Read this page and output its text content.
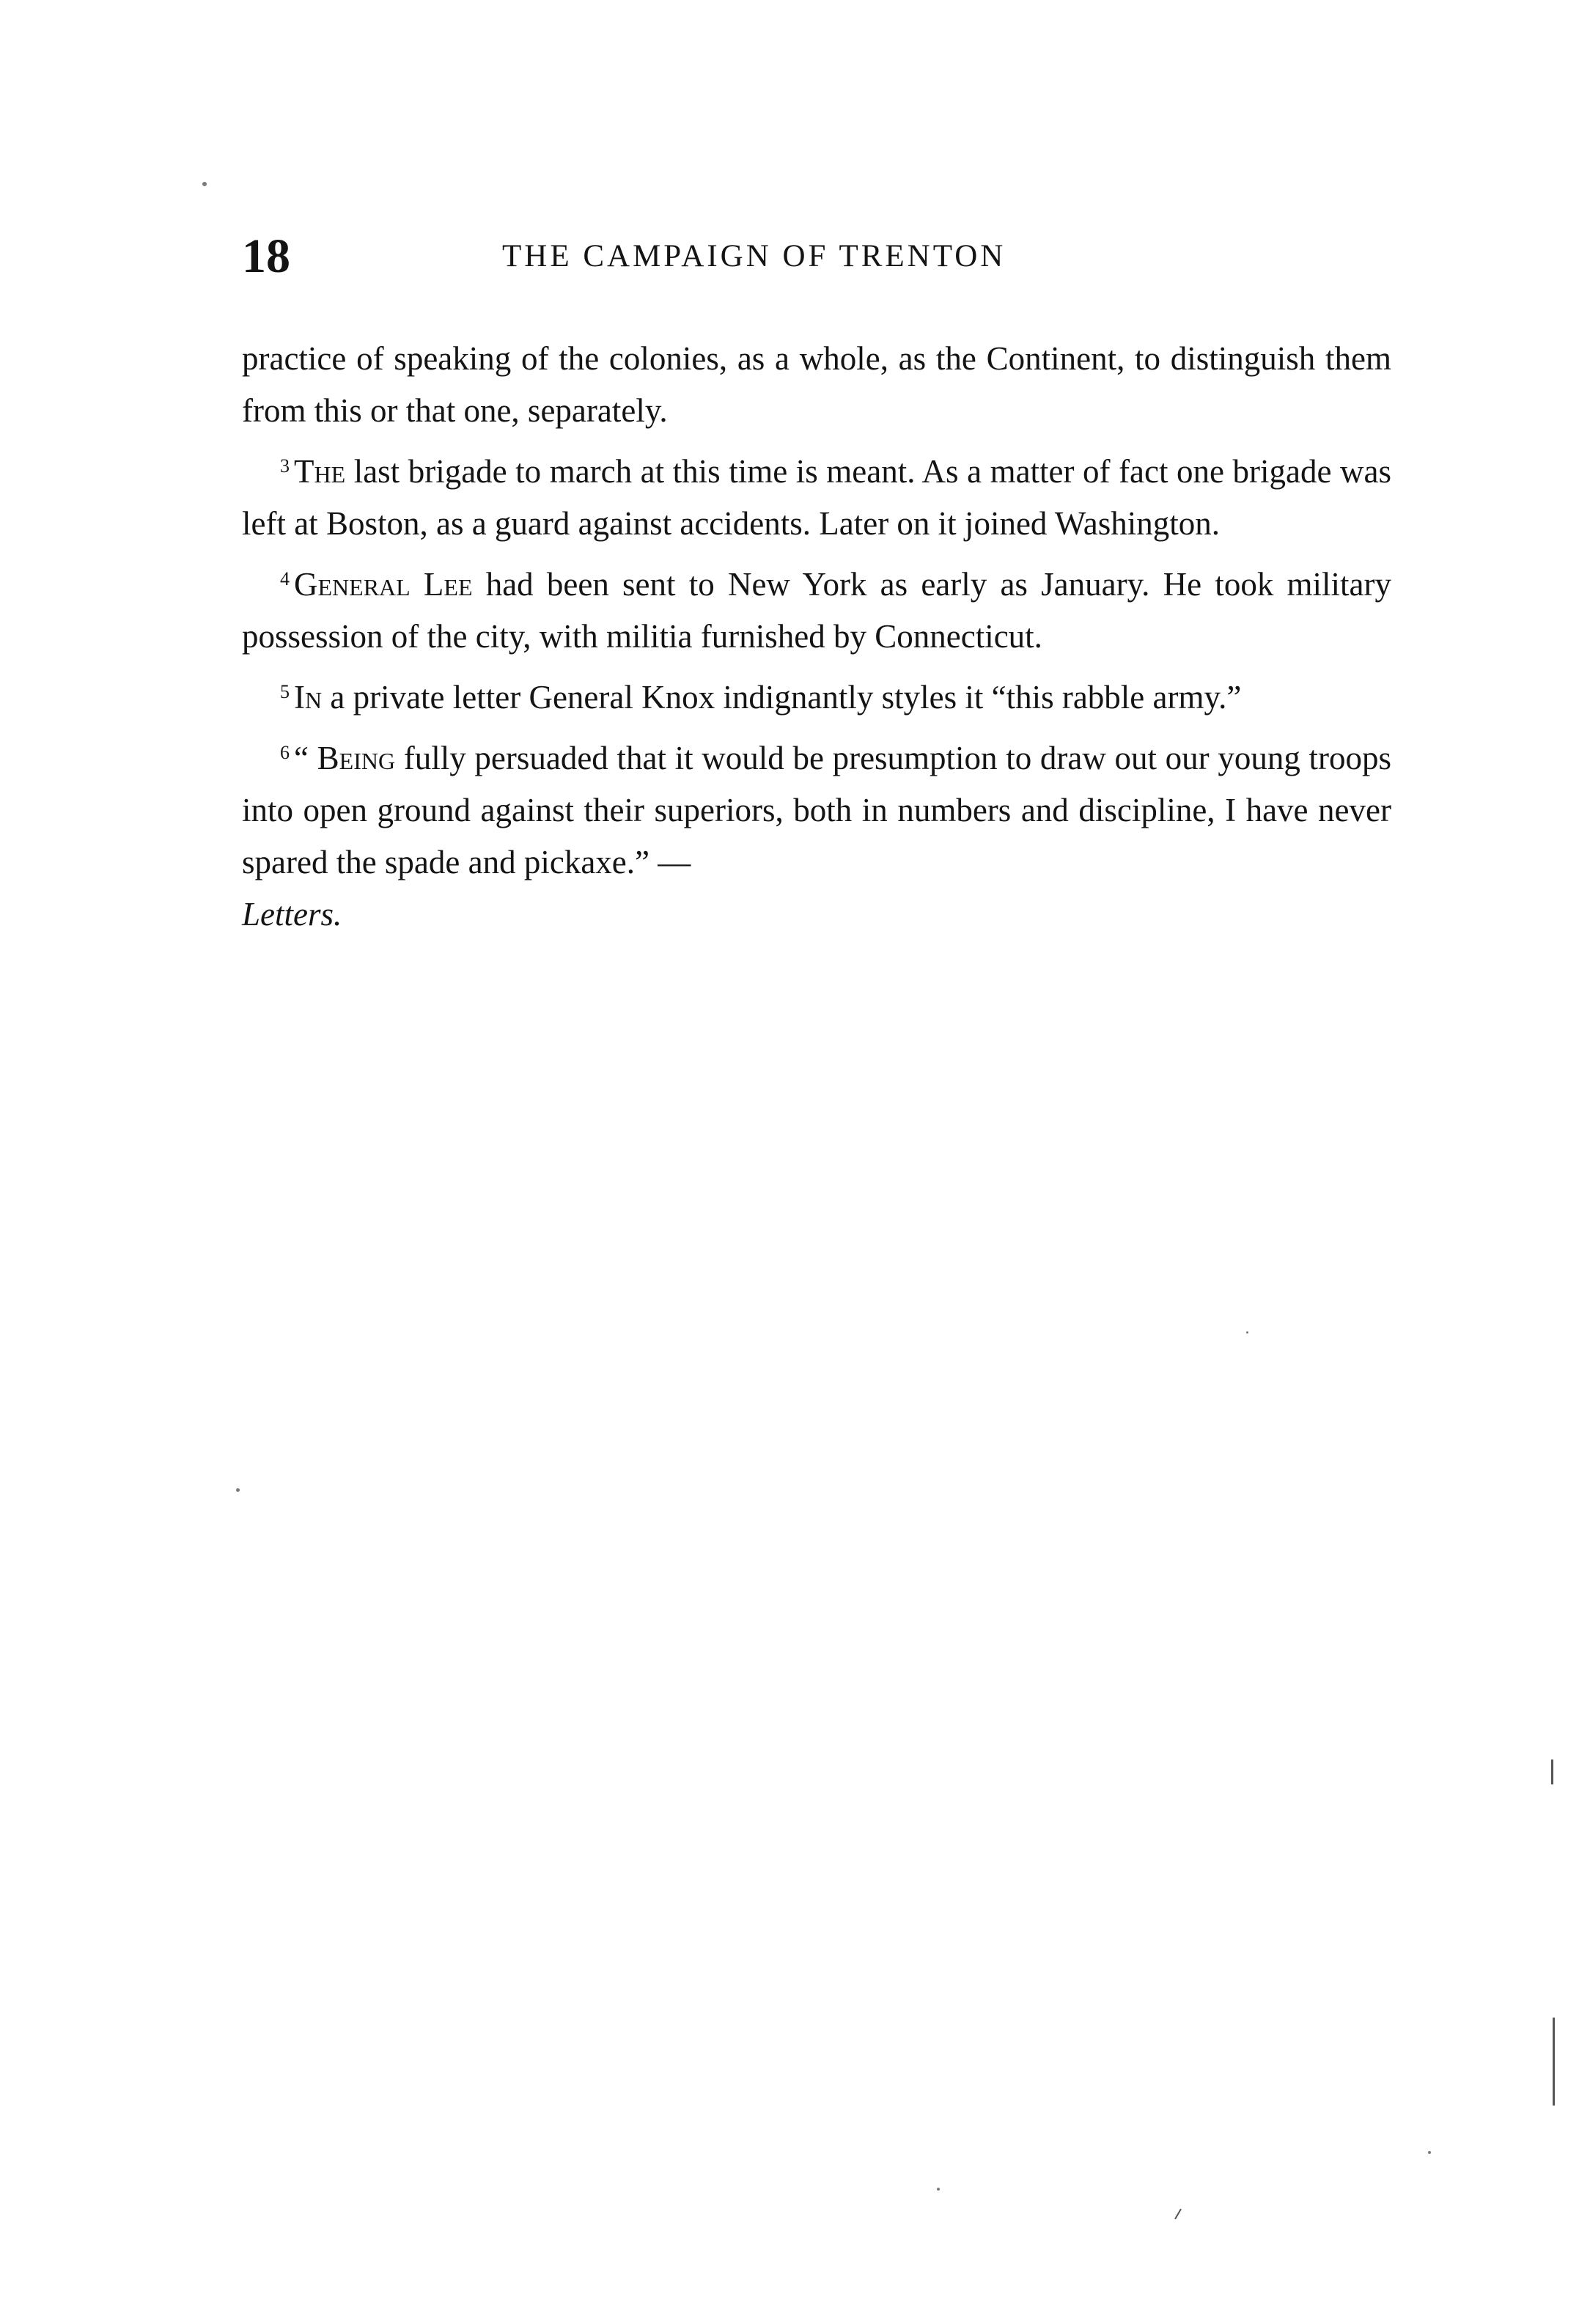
18	THE CAMPAIGN OF TRENTON

practice of speaking of the colonies, as a whole, as the Continent, to distinguish them from this or that one, separately.

$^3$ The last brigade to march at this time is meant. As a matter of fact one brigade was left at Boston, as a guard against accidents. Later on it joined Washington.

$^4$ General Lee had been sent to New York as early as January. He took military possession of the city, with militia furnished by Connecticut.

$^5$ In a private letter General Knox indignantly styles it “this rabble army.”

$^6$ “ Being fully persuaded that it would be presumption to draw out our young troops into open ground against their superiors, both in numbers and discipline, I have never spared the spade and pickaxe.” —
Letters.
